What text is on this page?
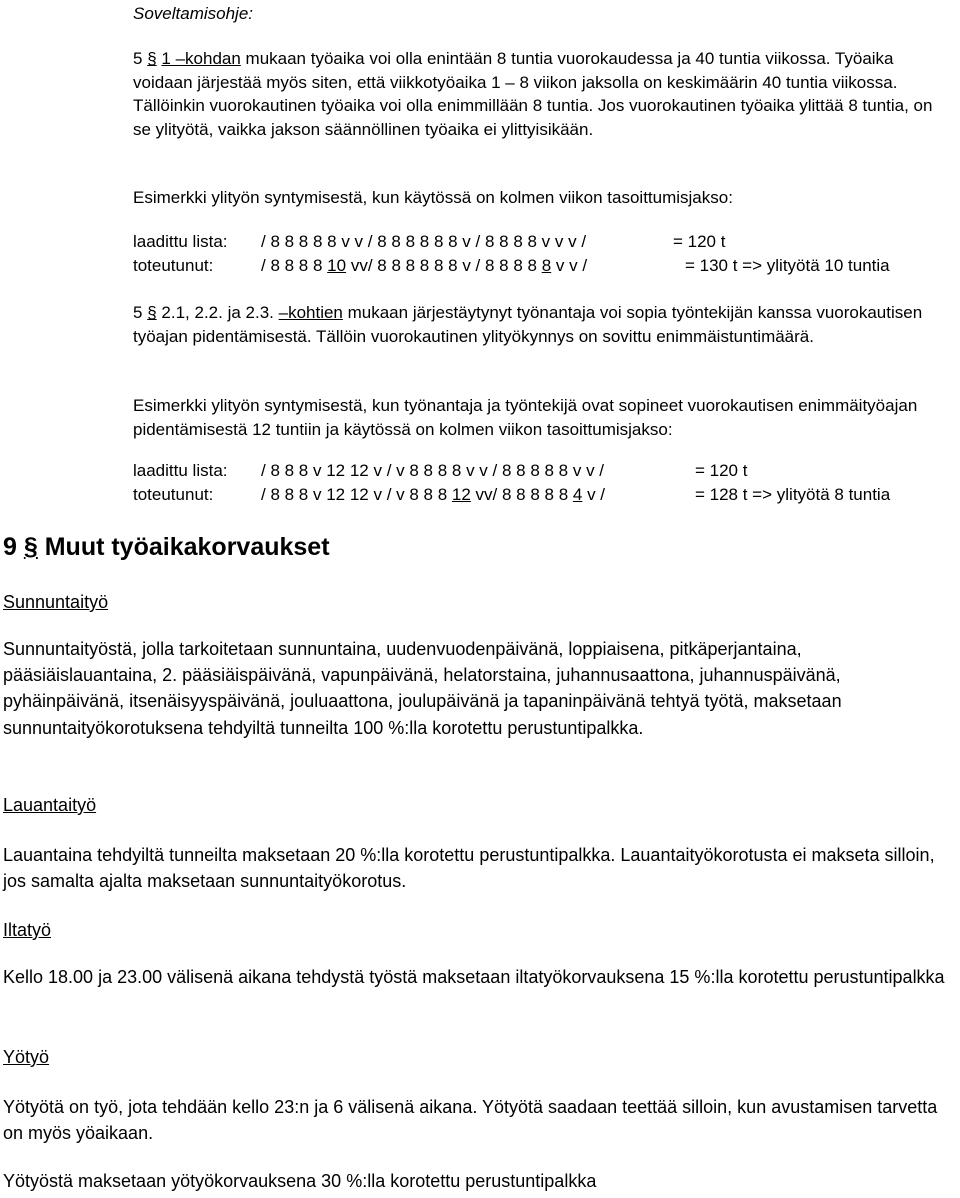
Soveltamisohje:

5 § 1 –kohdan mukaan työaika voi olla enintään 8 tuntia vuorokaudessa ja 40 tuntia viikossa. Työaika voidaan järjestää myös siten, että viikkotyöaika 1 – 8 viikon jaksolla on keskimäärin 40 tuntia viikossa. Tällöinkin vuorokautinen työaika voi olla enimmillään 8 tuntia. Jos vuorokautinen työaika ylittää 8 tuntia, on se ylityötä, vaikka jakson säännöllinen työaika ei ylittyisikään.

Esimerkki ylityön syntymisestä, kun käytössä on kolmen viikon tasoittumisjakso:

laadittu lista: / 8 8 8 8 8 v v / 8 8 8 8 8 8 v / 8 8 8 8 v v v /	= 120 t
toteutunut:	/ 8 8 8 8 10 vv/ 8 8 8 8 8 8 v / 8 8 8 8 8 v v /	= 130 t => ylityötä 10 tuntia

5 § 2.1, 2.2. ja 2.3. –kohtien mukaan järjestäytynyt työnantaja voi sopia työntekijän kanssa vuorokautisen työajan pidentämisestä. Tällöin vuorokautinen ylityökynnys on sovittu enimmäistuntimäärä.

Esimerkki ylityön syntymisestä, kun työnantaja ja työntekijä ovat sopineet vuorokautisen enimmäityöajan pidentämisestä 12 tuntiin ja käytössä on kolmen viikon tasoittumisjakso:

laadittu lista: / 8 8 8 v 12 12 v / v 8 8 8 8 v v / 8 8 8 8 8 v v /	= 120 t
toteutunut:	/ 8 8 8 v 12 12 v / v 8 8 8 12 vv/ 8 8 8 8 8 4 v /	= 128 t => ylityötä 8 tuntia
9 § Muut työaikakorvaukset
Sunnuntaityö

Sunnuntaityöstä, jolla tarkoitetaan sunnuntaina, uudenvuodenpäivänä, loppiaisena, pitkäperjantaina, pääsiäislauantaina, 2. pääsiäispäivänä, vapunpäivänä, helatorstaina, juhannusaattona, juhannuspäivänä, pyhäinpäivänä, itsenäisyyspäivänä, jouluaattona, joulupäivänä ja tapaninpäivänä tehtyä työtä, maksetaan sunnuntaityökorotuksena tehdyiltä tunneilta 100 %:lla korotettu perustuntipalkka.

Lauantaityö

Lauantaina tehdyiltä tunneilta maksetaan 20 %:lla korotettu perustuntipalkka. Lauantaityökorotusta ei makseta silloin, jos samalta ajalta maksetaan sunnuntaityökorotus.

Iltatyö

Kello 18.00 ja 23.00 välisenä aikana tehdystä työstä maksetaan iltatyökorvauksena 15 %:lla korotettu perustuntipalkka

Yötyö

Yötyötä on työ, jota tehdään kello 23:n ja 6 välisenä aikana. Yötyötä saadaan teettää silloin, kun avustamisen tarvetta on myös yöaikaan.

Yötyöstä maksetaan yötyökorvauksena 30 %:lla korotettu perustuntipalkka
